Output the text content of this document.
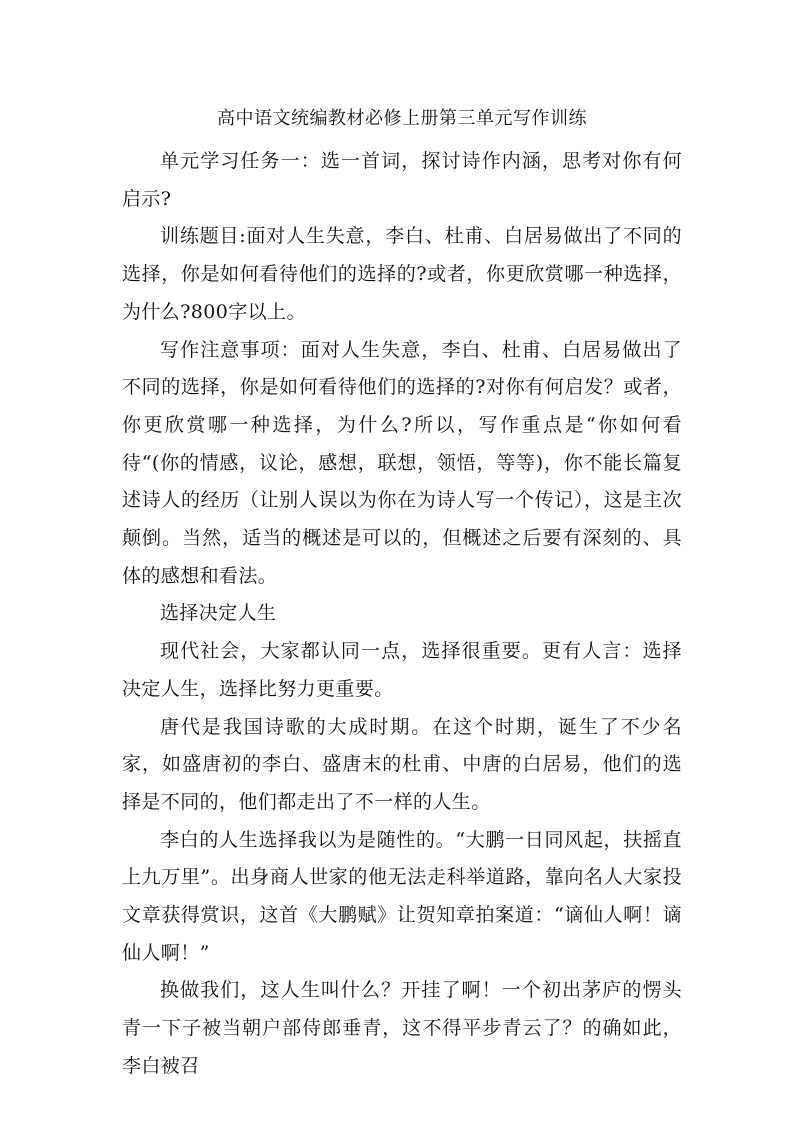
高中语文统编教材必修上册第三单元写作训练

单元学习任务一：选一首词，探讨诗作内涵，思考对你有何启示?

训练题目:面对人生失意，李白、杜甫、白居易做出了不同的选择，你是如何看待他们的选择的?或者，你更欣赏哪一种选择，为什么?800字以上。

写作注意事项：面对人生失意，李白、杜甫、白居易做出了不同的选择，你是如何看待他们的选择的?对你有何启发？或者，你更欣赏哪一种选择，为什么?所以，写作重点是“你如何看待“(你的情感，议论，感想，联想，领悟，等等)，你不能长篇复述诗人的经历（让别人误以为你在为诗人写一个传记），这是主次颠倒。当然，适当的概述是可以的，但概述之后要有深刻的、具体的感想和看法。

选择决定人生

现代社会，大家都认同一点，选择很重要。更有人言：选择决定人生，选择比努力更重要。

唐代是我国诗歌的大成时期。在这个时期，诞生了不少名家，如盛唐初的李白、盛唐末的杜甫、中唐的白居易，他们的选择是不同的，他们都走出了不一样的人生。

李白的人生选择我以为是随性的。“大鹏一日同风起，扶摇直上九万里”。出身商人世家的他无法走科举道路，靠向名人大家投文章获得赏识，这首《大鹏赋》让贺知章拍案道：“谪仙人啊！谪仙人啊！”

换做我们，这人生叫什么？开挂了啊！一个初出茅庐的愣头青一下子被当朝户部侍郎垂青，这不得平步青云了？的确如此，李白被召
